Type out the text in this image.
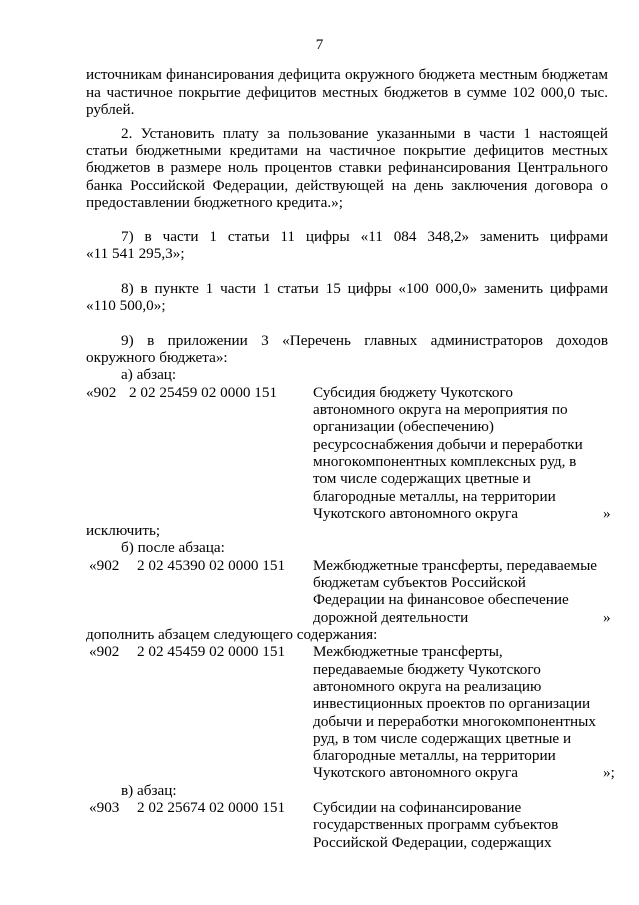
7
источникам финансирования дефицита окружного бюджета местным бюджетам
на частичное покрытие дефицитов местных бюджетов в сумме 102 000,0 тыс.
рублей.
2. Установить плату за пользование указанными в части 1 настоящей
статьи бюджетными кредитами на частичное покрытие дефицитов местных
бюджетов в размере ноль процентов ставки рефинансирования Центрального
банка Российской Федерации, действующей на день заключения договора о
предоставлении бюджетного кредита.»;
7) в части 1 статьи 11 цифры «11 084 348,2» заменить цифрами
«11 541 295,3»;
8) в пункте 1 части 1 статьи 15 цифры «100 000,0» заменить цифрами
«110 500,0»;
9) в приложении 3 «Перечень главных администраторов доходов
окружного бюджета»:
а) абзац:
«902 2 02 25459 02 0000 151 Субсидия бюджету Чукотского
автономного округа на мероприятия по
организации (обеспечению)
ресурсоснабжения добычи и переработки
многокомпонентных комплексных руд, в
том числе содержащих цветные и
благородные металлы, на территории
Чукотского автономного округа	»
исключить;
б) после абзаца:
«902 2 02 45390 02 0000 151 Межбюджетные трансферты, передаваемые
бюджетам субъектов Российской
Федерации на финансовое обеспечение
дорожной деятельности	»
дополнить абзацем следующего содержания:
«902 2 02 45459 02 0000 151 Межбюджетные трансферты,
передаваемые бюджету Чукотского
автономного округа на реализацию
инвестиционных проектов по организации
добычи и переработки многокомпонентных
руд, в том числе содержащих цветные и
благородные металлы, на территории
Чукотского автономного округа	»;
в) абзац:
«903 2 02 25674 02 0000 151 Субсидии на софинансирование
государственных программ субъектов
Российской Федерации, содержащих
